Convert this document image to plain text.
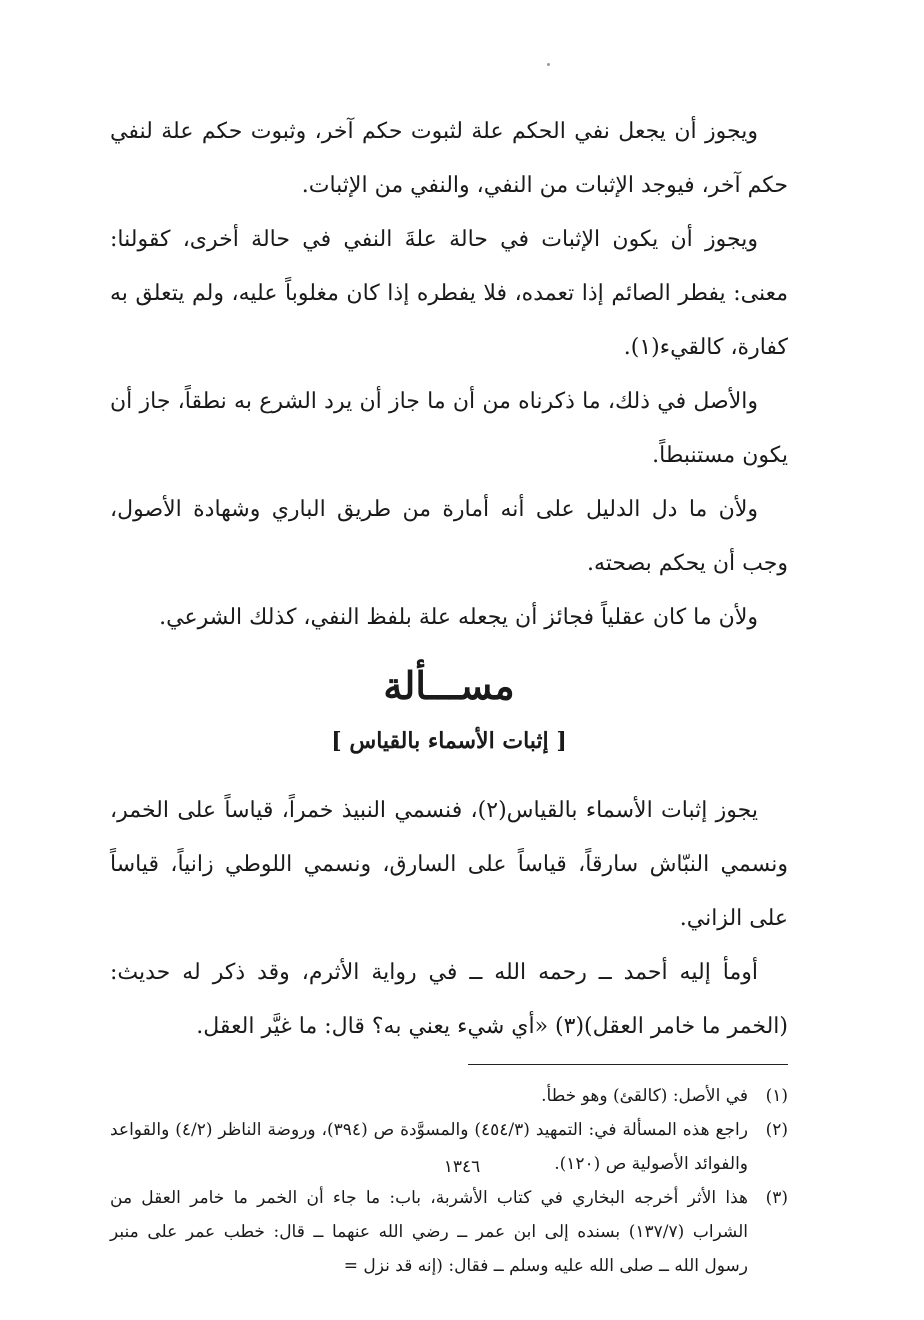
ويجوز أن يجعل نفي الحكم علة لثبوت حكم آخر، وثبوت حكم علة لنفي حكم آخر، فيوجد الإثبات من النفي، والنفي من الإثبات.

ويجوز أن يكون الإثبات في حالة علةَ النفي في حالة أخرى، كقولنا: معنى: يفطر الصائم إذا تعمده، فلا يفطره إذا كان مغلوباً عليه، ولم يتعلق به كفارة، كالقيء(١).

والأصل في ذلك، ما ذكرناه من أن ما جاز أن يرد الشرع به نطقاً، جاز أن يكون مستنبطاً.

ولأن ما دل الدليل على أنه أمارة من طريق الباري وشهادة الأصول، وجب أن يحكم بصحته.

ولأن ما كان عقلياً فجائز أن يجعله علة بلفظ النفي، كذلك الشرعي.

مســـألة
[ إثبات الأسماء بالقياس ]

يجوز إثبات الأسماء بالقياس(٢)، فنسمي النبيذ خمراً، قياساً على الخمر، ونسمي النبّاش سارقاً، قياساً على السارق، ونسمي اللوطي زانياً، قياساً على الزاني.

أومأ إليه أحمد ــ رحمه الله ــ في رواية الأثرم، وقد ذكر له حديث: (الخمر ما خامر العقل)(٣) «أي شيء يعني به؟ قال: ما غيَّر العقل.

(١)
في الأصل: (كالقئ) وهو خطأ.
(٢)
راجع هذه المسألة في: التمهيد (٤٥٤/٣) والمسوَّدة ص (٣٩٤)، وروضة الناظر (٤/٢) والقواعد والفوائد الأصولية ص (١٢٠).
(٣)
هذا الأثر أخرجه البخاري في كتاب الأشربة، باب: ما جاء أن الخمر ما خامر العقل من الشراب (١٣٧/٧) بسنده إلى ابن عمر ــ رضي الله عنهما ــ قال: خطب عمر على منبر رسول الله ــ صلى الله عليه وسلم ــ فقال: (إنه قد نزل =
١٣٤٦
